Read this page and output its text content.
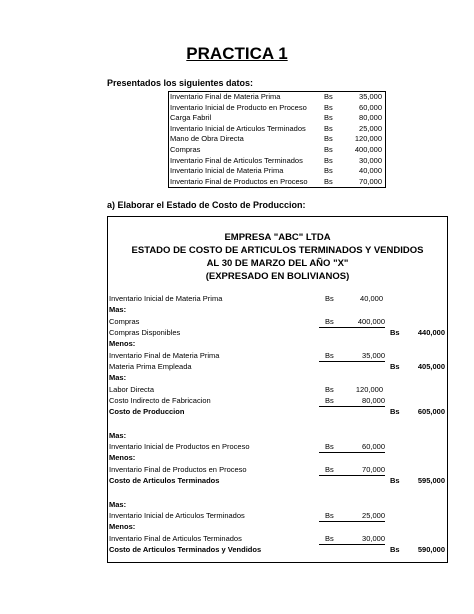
PRACTICA 1
Presentados los siguientes datos:
Inventario Final de Materia Prima	Bs	35,000
Inventario Inicial de Producto en Proceso	Bs	60,000
Carga Fabril	Bs	80,000
Inventario Inicial de Articulos Terminados	Bs	25,000
Mano de Obra Directa	Bs	120,000
Compras	Bs	400,000
Inventario Final de Articulos Terminados	Bs	30,000
Inventario Inicial de Materia Prima	Bs	40,000
Inventario Final de Productos en Proceso	Bs	70,000
a) Elaborar el Estado de Costo de Produccion:
EMPRESA "ABC" LTDA
ESTADO DE COSTO DE ARTICULOS TERMINADOS Y VENDIDOS
AL 30 DE MARZO DEL AÑO "X"
(EXPRESADO EN BOLIVIANOS)
Inventario Inicial de Materia Prima	Bs	40,000
Mas:
Compras	Bs	400,000
Compras Disponibles	Bs	440,000
Menos:
Inventario Final de Materia Prima	Bs	35,000
Materia Prima Empleada	Bs	405,000
Mas:
Labor Directa	Bs	120,000
Costo Indirecto de Fabricacion	Bs	80,000
Costo de Produccion	Bs	605,000
Mas:
Inventario Inicial de Productos en Proceso	Bs	60,000
Menos:
Inventario Final de Productos en Proceso	Bs	70,000
Costo de Articulos Terminados	Bs	595,000
Mas:
Inventario Inicial de Articulos Terminados	Bs	25,000
Menos:
Inventario Final de Articulos Terminados	Bs	30,000
Costo de Articulos Terminados y Vendidos	Bs	590,000
